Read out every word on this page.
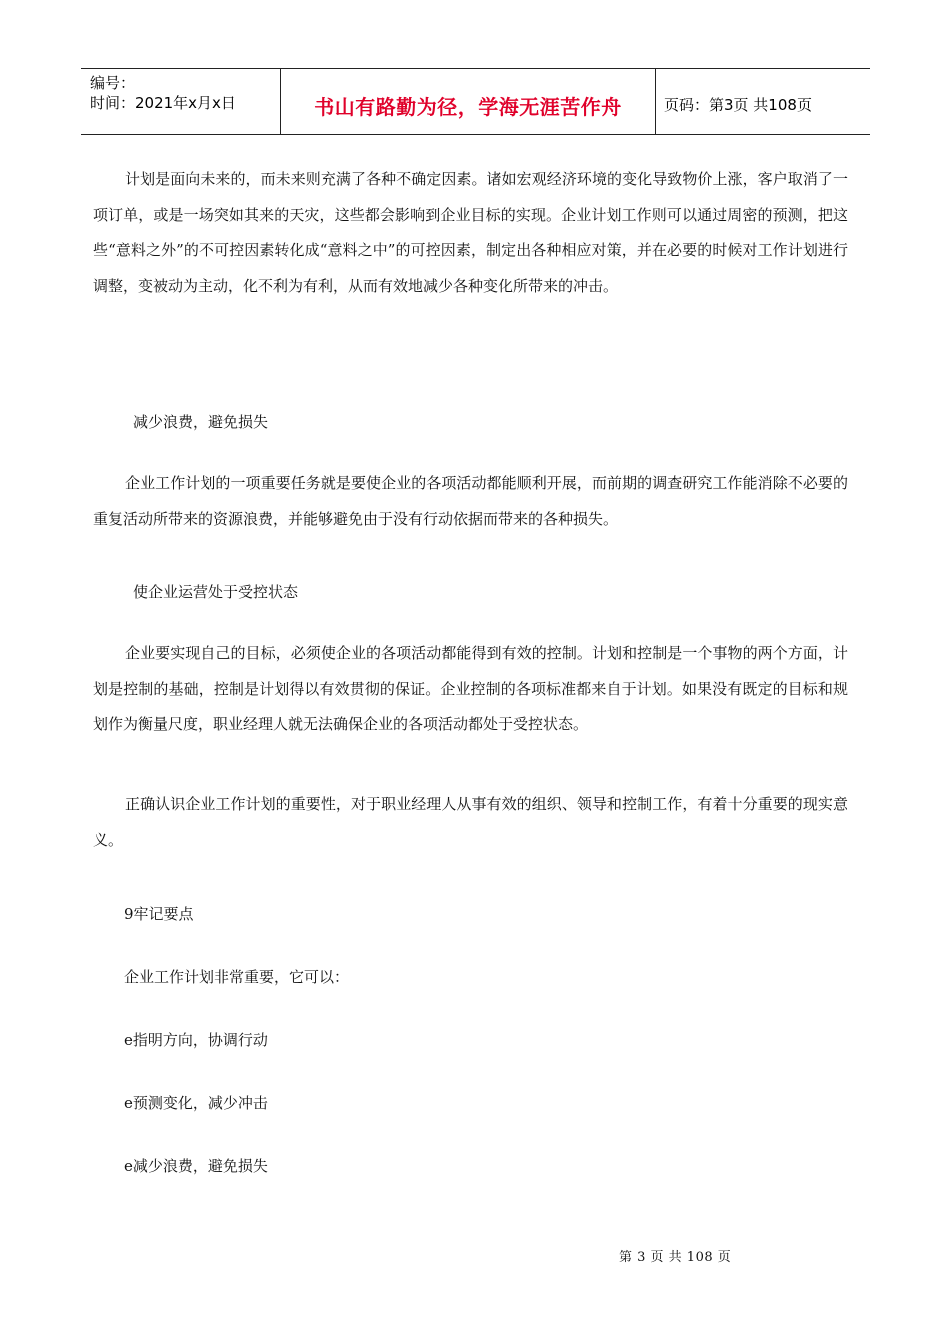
编号：
时间：2021年x月x日	书山有路勤为径，学海无涯苦作舟	页码：第3页 共108页

计划是面向未来的，而未来则充满了各种不确定因素。诸如宏观经济环境的变化导致物价上涨，客户取消了一项订单，或是一场突如其来的天灾，这些都会影响到企业目标的实现。企业计划工作则可以通过周密的预测，把这些“意料之外”的不可控因素转化成“意料之中”的可控因素，制定出各种相应对策，并在必要的时候对工作计划进行调整，变被动为主动，化不利为有利，从而有效地减少各种变化所带来的冲击。

减少浪费，避免损失

企业工作计划的一项重要任务就是要使企业的各项活动都能顺利开展，而前期的调查研究工作能消除不必要的重复活动所带来的资源浪费，并能够避免由于没有行动依据而带来的各种损失。

使企业运营处于受控状态

企业要实现自己的目标，必须使企业的各项活动都能得到有效的控制。计划和控制是一个事物的两个方面，计划是控制的基础，控制是计划得以有效贯彻的保证。企业控制的各项标准都来自于计划。如果没有既定的目标和规划作为衡量尺度，职业经理人就无法确保企业的各项活动都处于受控状态。

正确认识企业工作计划的重要性，对于职业经理人从事有效的组织、领导和控制工作，有着十分重要的现实意义。

9牢记要点

企业工作计划非常重要，它可以：

e指明方向，协调行动

e预测变化，减少冲击

e减少浪费，避免损失

第 3 页 共 108 页
